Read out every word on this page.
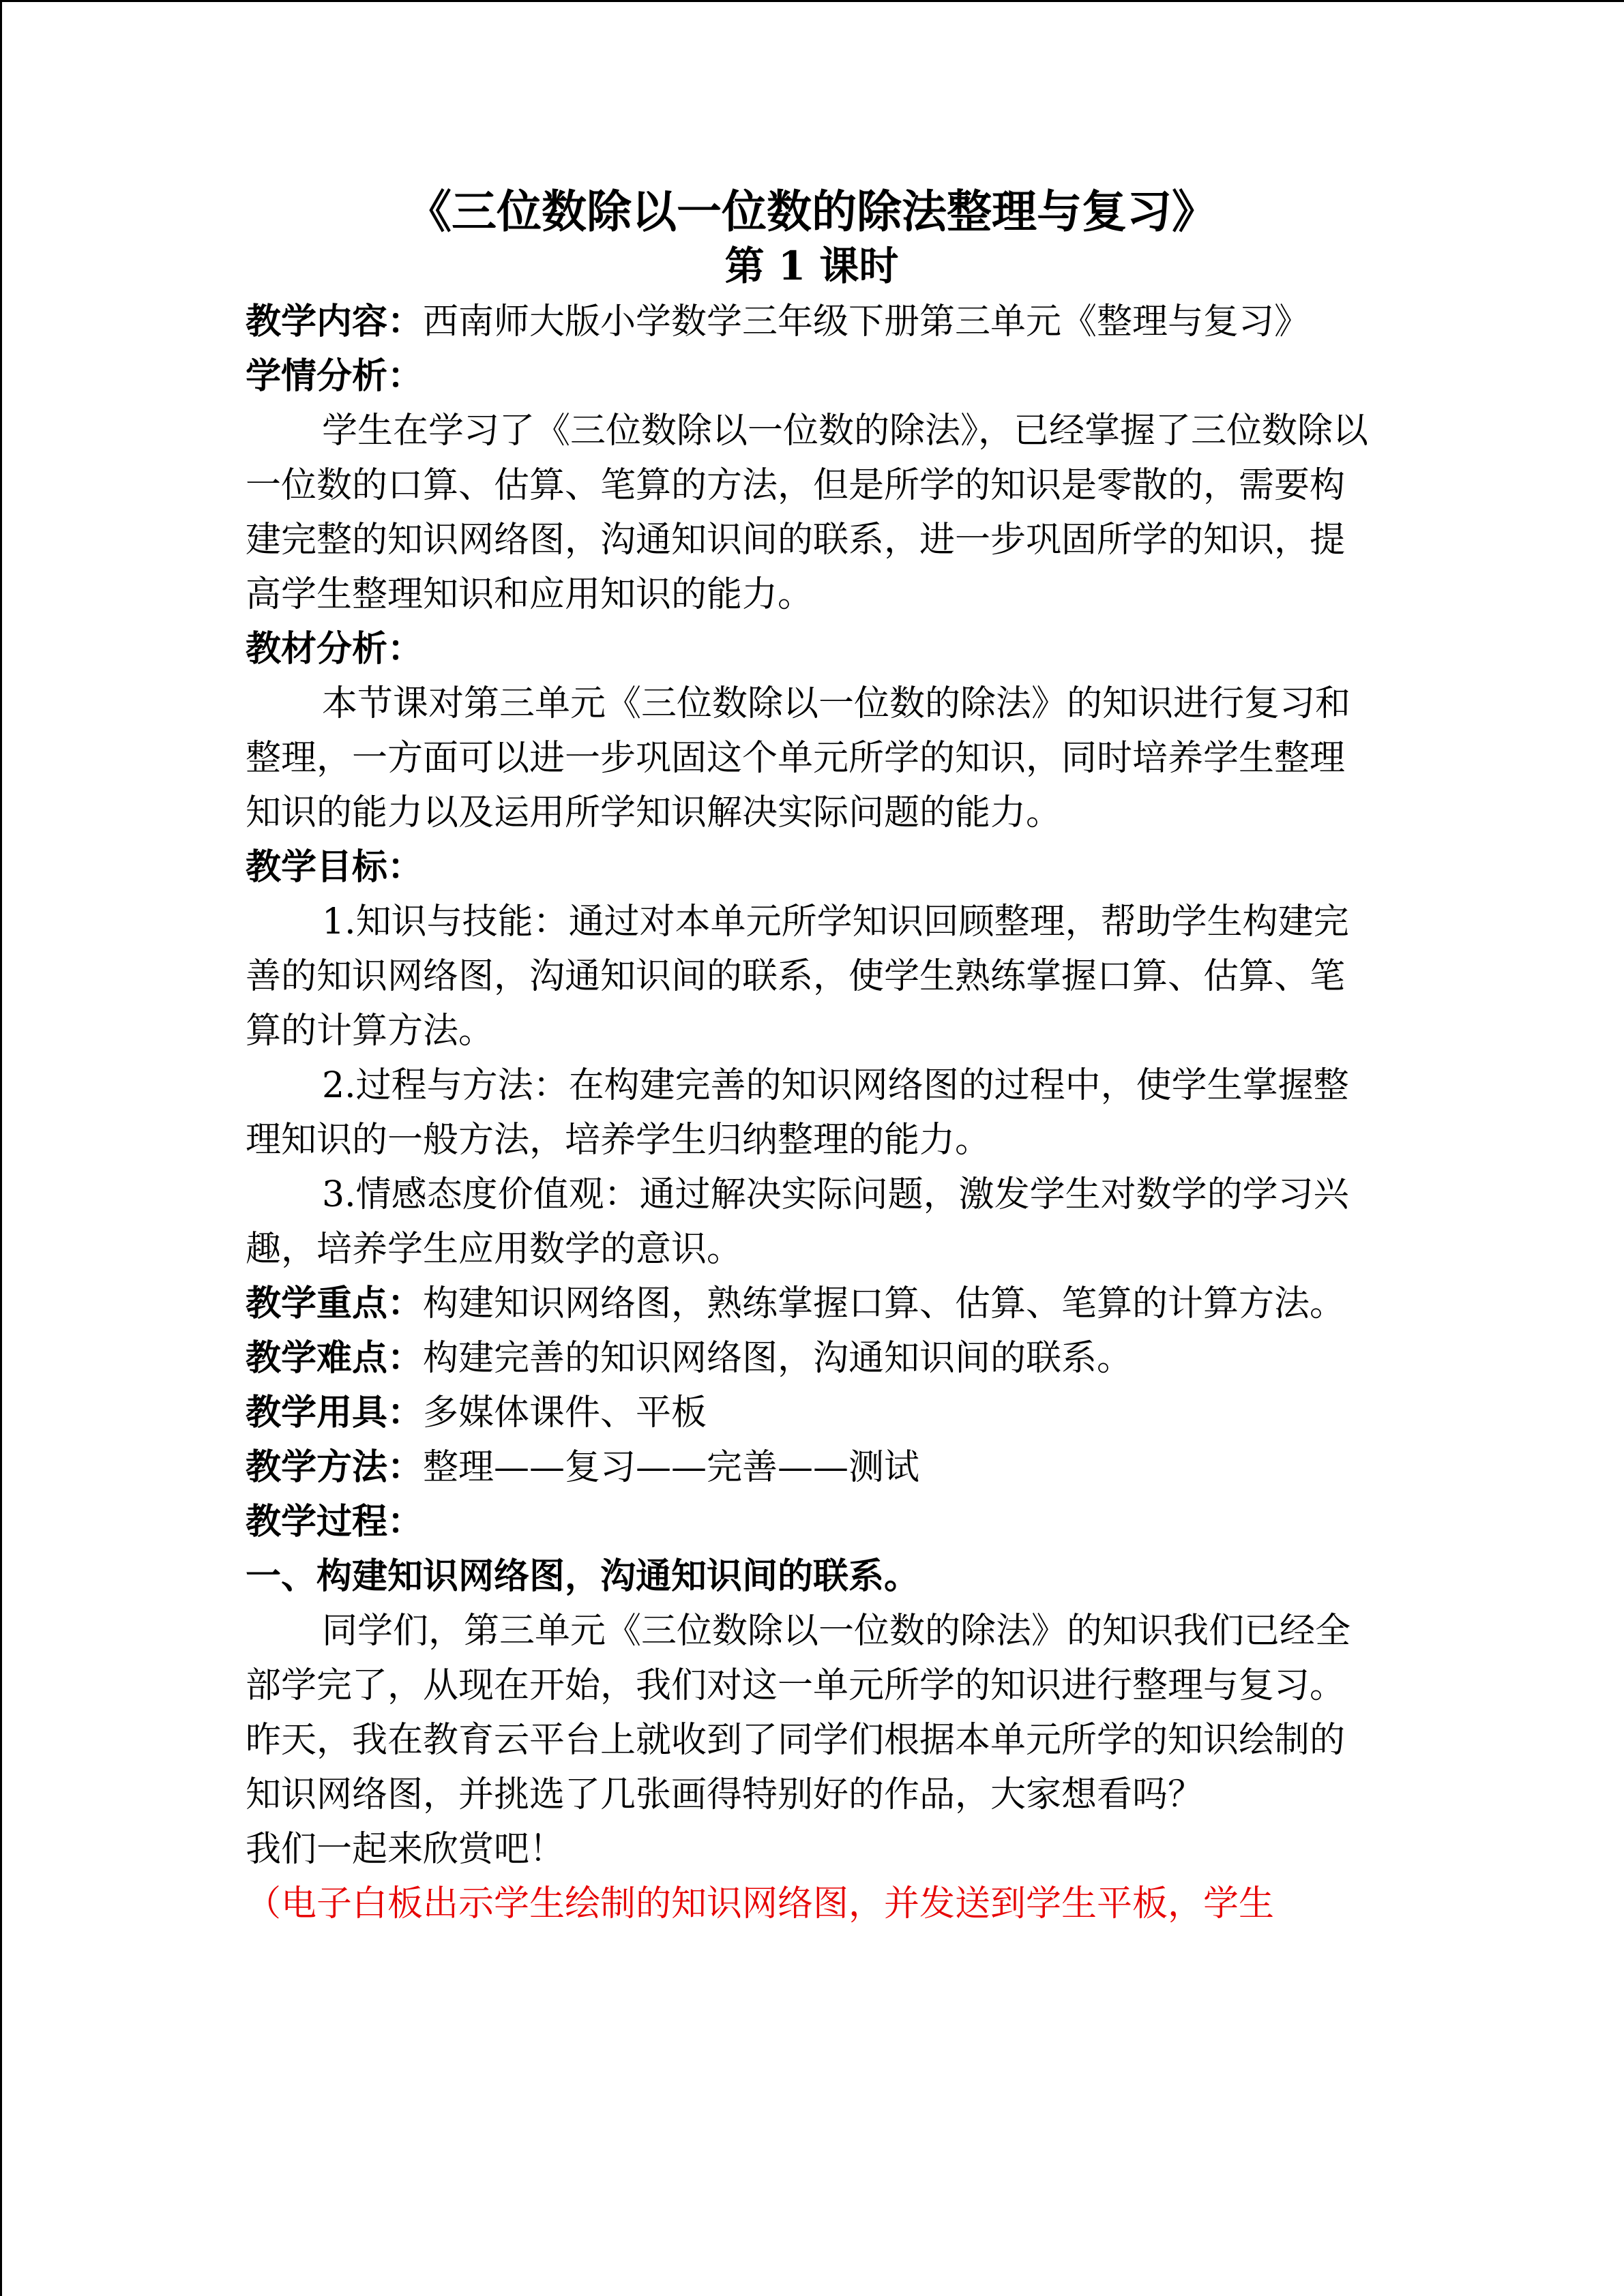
《三位数除以一位数的除法整理与复习》
第 1 课时

教学内容：西南师大版小学数学三年级下册第三单元《整理与复习》

学情分析：

学生在学习了《三位数除以一位数的除法》，已经掌握了三位数除以一位数的口算、估算、笔算的方法，但是所学的知识是零散的，需要构建完整的知识网络图，沟通知识间的联系，进一步巩固所学的知识，提高学生整理知识和应用知识的能力。

教材分析：

本节课对第三单元《三位数除以一位数的除法》的知识进行复习和整理，一方面可以进一步巩固这个单元所学的知识，同时培养学生整理知识的能力以及运用所学知识解决实际问题的能力。

教学目标：

1.知识与技能：通过对本单元所学知识回顾整理，帮助学生构建完善的知识网络图，沟通知识间的联系，使学生熟练掌握口算、估算、笔算的计算方法。

2.过程与方法：在构建完善的知识网络图的过程中，使学生掌握整理知识的一般方法，培养学生归纳整理的能力。

3.情感态度价值观：通过解决实际问题，激发学生对数学的学习兴趣，培养学生应用数学的意识。

教学重点：构建知识网络图，熟练掌握口算、估算、笔算的计算方法。

教学难点：构建完善的知识网络图，沟通知识间的联系。

教学用具：多媒体课件、平板

教学方法：整理——复习——完善——测试

教学过程：

一、构建知识网络图，沟通知识间的联系。

同学们，第三单元《三位数除以一位数的除法》的知识我们已经全部学完了，从现在开始，我们对这一单元所学的知识进行整理与复习。昨天，我在教育云平台上就收到了同学们根据本单元所学的知识绘制的知识网络图，并挑选了几张画得特别好的作品，大家想看吗？

我们一起来欣赏吧！

（电子白板出示学生绘制的知识网络图，并发送到学生平板，学生
